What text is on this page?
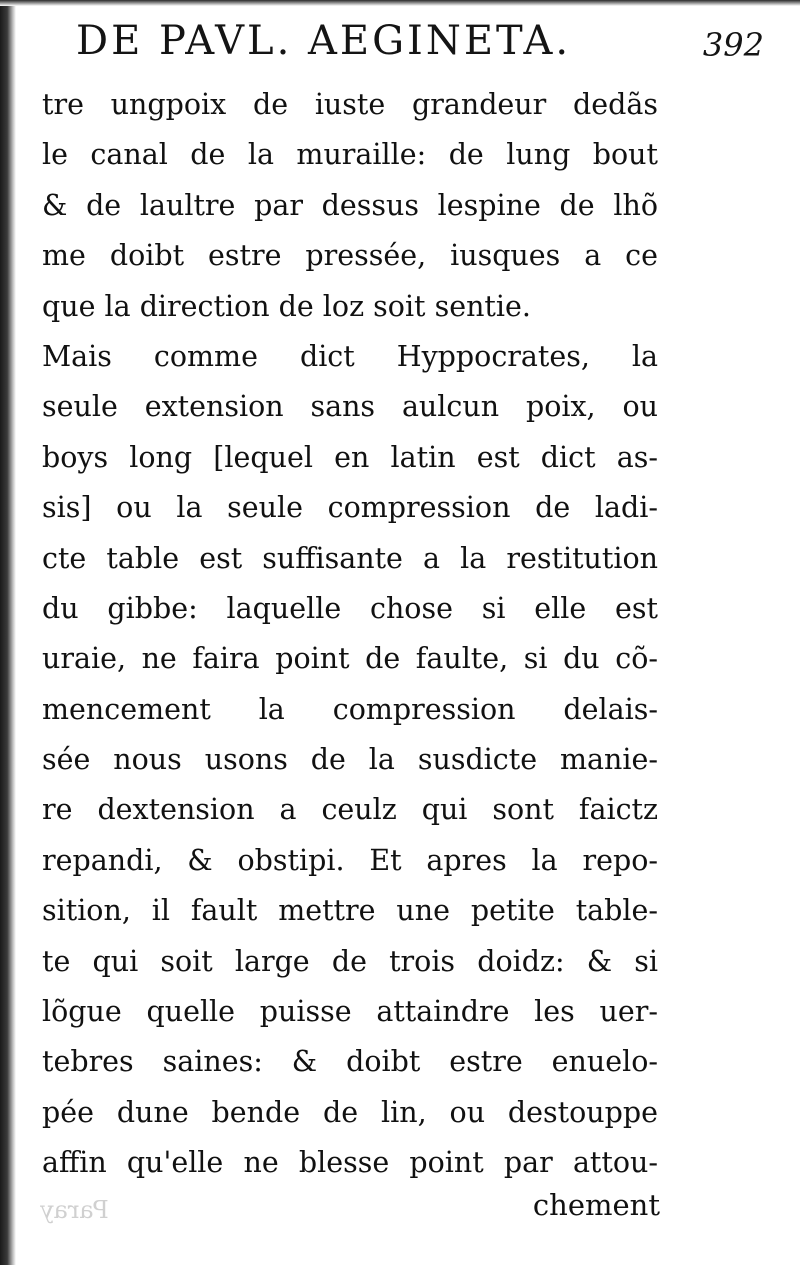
DE PAVL. AEGINETA.	392
tre ungpoix de iuste grandeur dedãs
le canal de la muraille: de lung bout
& de laultre par dessus lespine de lhõ
me doibt estre pressée, iusques a ce
que la direction de loz soit sentie.
Mais comme dict Hyppocrates, la
seule extension sans aulcun poix, ou
boys long [lequel en latin est dict as-
sis] ou la seule compression de ladi-
cte table est suffisante a la restitution
du gibbe: laquelle chose si elle est
uraie, ne faira point de faulte, si du cõ-
mencement la compression delais-
sée nous usons de la susdicte manie-
re dextension a ceulz qui sont faictz
repandi, & obstipi. Et apres la repo-
sition, il fault mettre une petite table-
te qui soit large de trois doidz: & si
lõgue quelle puisse attaindre les uer-
tebres saines: & doibt estre enuelo-
pée dune bende de lin, ou destouppe
affin qu'elle ne blesse point par attou-
chement
Paray
